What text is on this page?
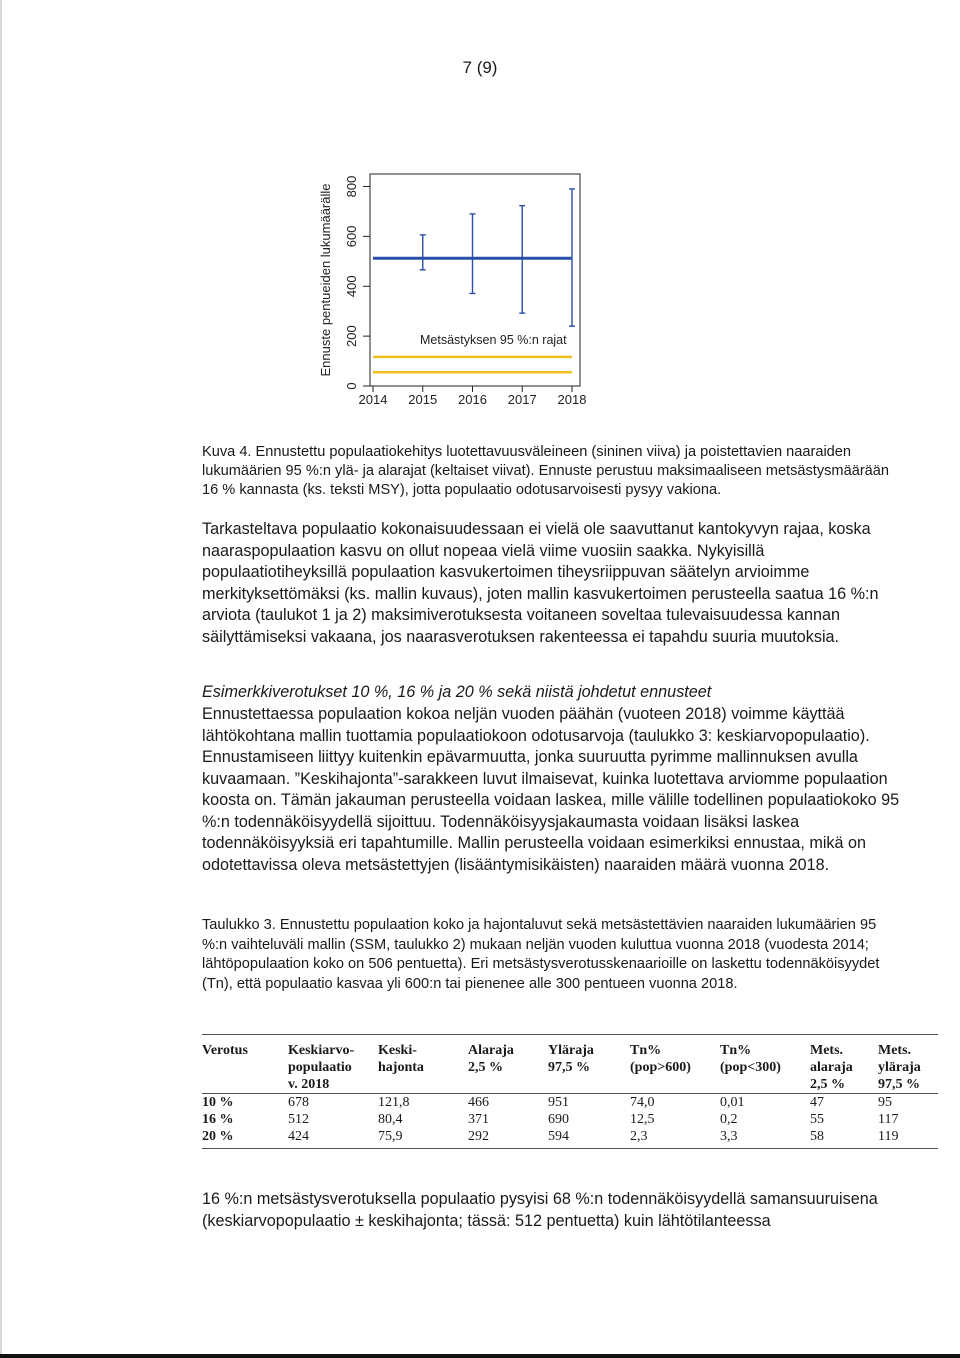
7 (9)
0
200
400
600
800
2014 2015 2016 2017 2018
Ennuste pentueiden lukumäärälle	Metsästyksen 95 %:n rajat

Kuva 4. Ennustettu populaatiokehitys luotettavuusväleineen (sininen viiva) ja poistettavien naaraiden lukumäärien 95 %:n ylä- ja alarajat (keltaiset viivat). Ennuste perustuu maksimaaliseen metsästysmäärään 16 % kannasta (ks. teksti MSY), jotta populaatio odotusarvoisesti pysyy vakiona.

Tarkasteltava populaatio kokonaisuudessaan ei vielä ole saavuttanut kantokyvyn rajaa, koska naaraspopulaation kasvu on ollut nopeaa vielä viime vuosiin saakka. Nykyisillä populaatiotiheyksillä populaation kasvukertoimen tiheysriippuvan säätelyn arvioimme merkityksettömäksi (ks. mallin kuvaus), joten mallin kasvukertoimen perusteella saatua 16 %:n arviota (taulukot 1 ja 2) maksimiverotuksesta voitaneen soveltaa tulevaisuudessa kannan säilyttämiseksi vakaana, jos naarasverotuksen rakenteessa ei tapahdu suuria muutoksia.

Esimerkkiverotukset 10 %, 16 % ja 20 % sekä niistä johdetut ennusteet

Ennustettaessa populaation kokoa neljän vuoden päähän (vuoteen 2018) voimme käyttää lähtökohtana mallin tuottamia populaatiokoon odotusarvoja (taulukko 3: keskiarvopopulaatio). Ennustamiseen liittyy kuitenkin epävarmuutta, jonka suuruutta pyrimme mallinnuksen avulla kuvaamaan. ”Keskihajonta”-sarakkeen luvut ilmaisevat, kuinka luotettava arviomme populaation koosta on. Tämän jakauman perusteella voidaan laskea, mille välille todellinen populaatiokoko 95 %:n todennäköisyydellä sijoittuu. Todennäköisyysjakaumasta voidaan lisäksi laskea todennäköisyyksiä eri tapahtumille. Mallin perusteella voidaan esimerkiksi ennustaa, mikä on odotettavissa oleva metsästettyjen (lisääntymisikäisten) naaraiden määrä vuonna 2018.

Taulukko 3. Ennustettu populaation koko ja hajontaluvut sekä metsästettävien naaraiden lukumäärien 95 %:n vaihteluväli mallin (SSM, taulukko 2) mukaan neljän vuoden kuluttua vuonna 2018 (vuodesta 2014; lähtöpopulaation koko on 506 pentuetta). Eri metsästysverotusskenaarioille on laskettu todennäköisyydet (Tn), että populaatio kasvaa yli 600:n tai pienenee alle 300 pentueen vuonna 2018.

Verotus	Keskiarvo-	Keski-	Alaraja	Yläraja	Tn%	Tn%	Mets.	Mets.
	populaatio	hajonta	2,5 %	97,5 %	(pop>600)	(pop<300)	alaraja	yläraja
	v. 2018						2,5 %	97,5 %
10 %	678	121,8	466	951	74,0	0,01	47	95
16 %	512	80,4	371	690	12,5	0,2	55	117
20 %	424	75,9	292	594	2,3	3,3	58	119

16 %:n metsästysverotuksella populaatio pysyisi 68 %:n todennäköisyydellä samansuuruisena (keskiarvopopulaatio ± keskihajonta; tässä: 512 pentuetta) kuin lähtötilanteessa
